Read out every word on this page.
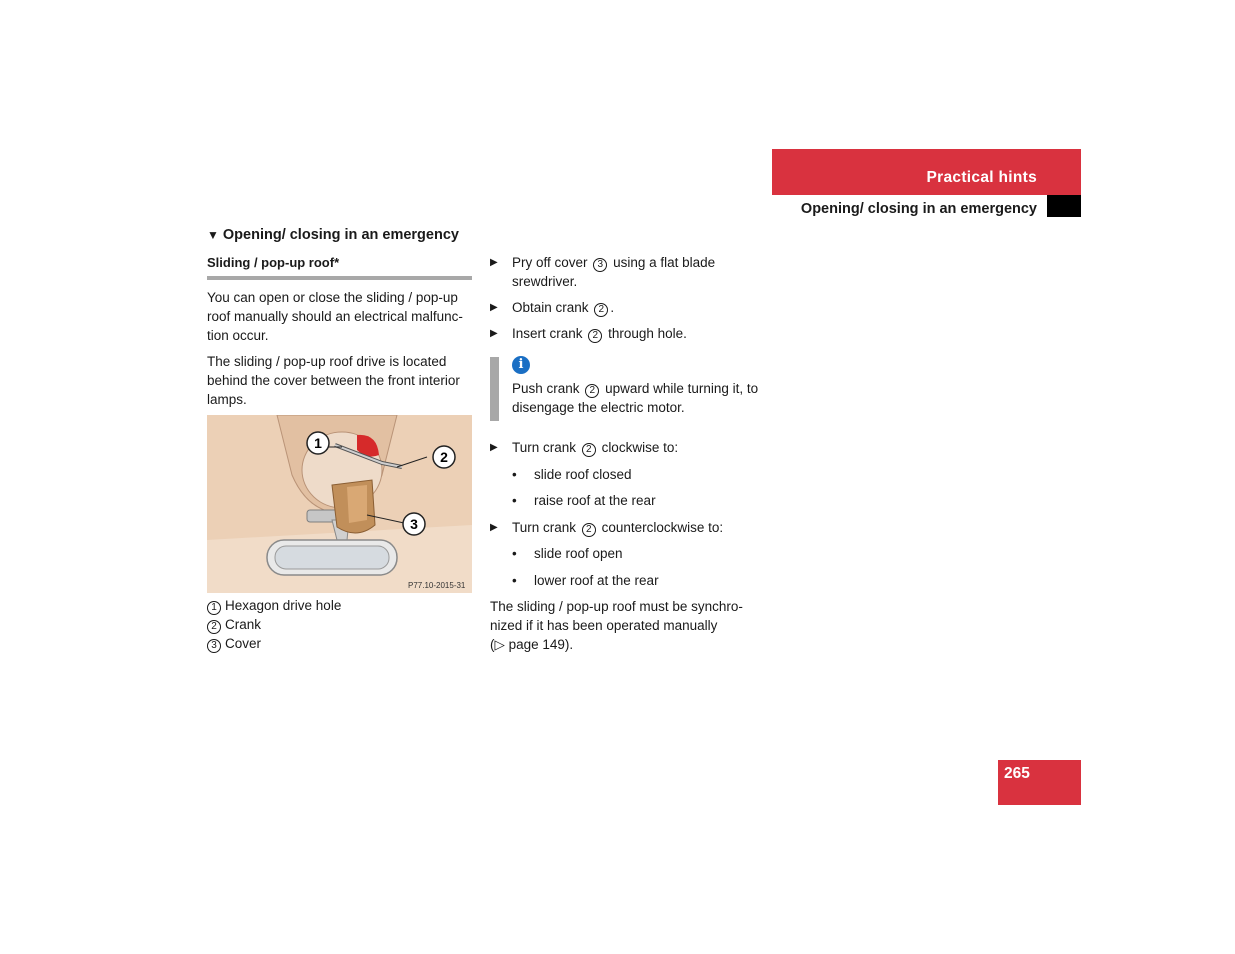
Practical hints
Opening/ closing in an emergency
▼ Opening/ closing in an emergency
Sliding / pop-up roof*
You can open or close the sliding / pop-up roof manually should an electrical malfunc-tion occur.
The sliding / pop-up roof drive is located behind the cover between the front interior lamps.
1
2
3
P77.10-2015-31
1 Hexagon drive hole
2 Crank
3 Cover
▶ Pry off cover 3 using a flat blade srewdriver.
▶ Obtain crank 2 .
▶ Insert crank 2 through hole.
i
Push crank 2 upward while turning it, to disengage the electric motor.
▶ Turn crank 2 clockwise to:
• slide roof closed
• raise roof at the rear
▶ Turn crank 2 counterclockwise to:
• slide roof open
• lower roof at the rear
The sliding / pop-up roof must be synchro-nized if it has been operated manually
(▷ page 149).
265
